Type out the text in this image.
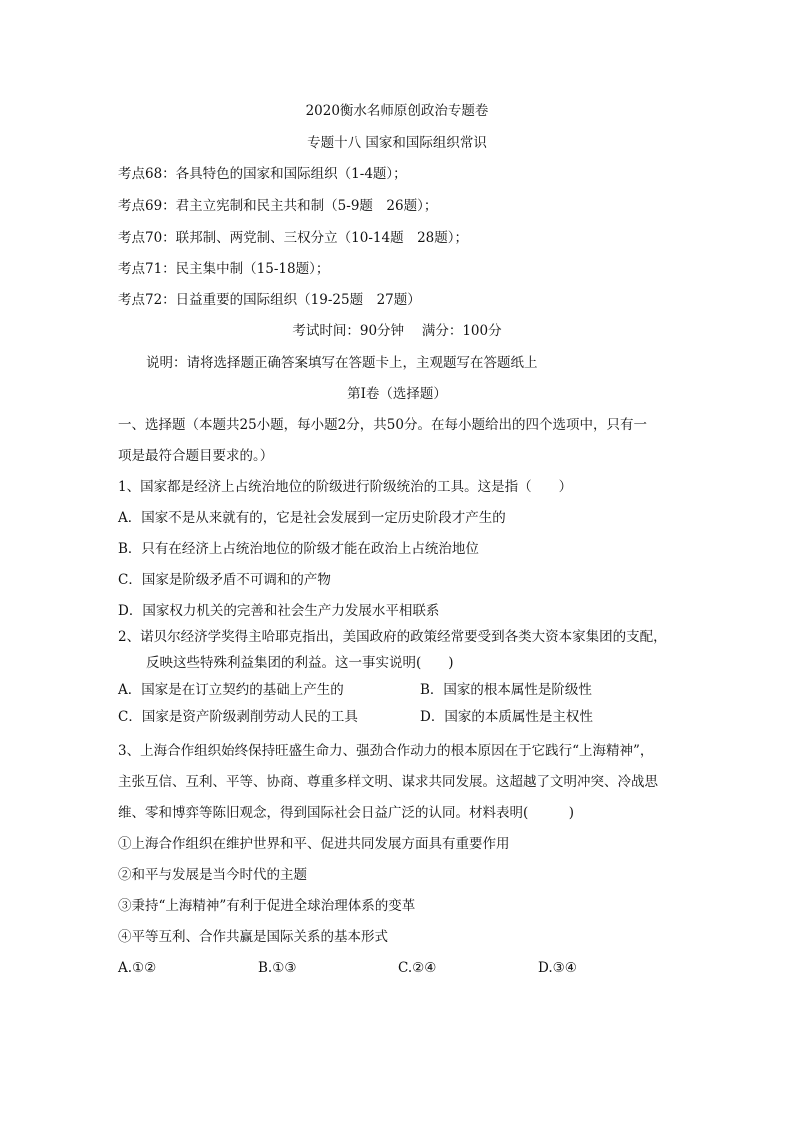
2020衡水名师原创政治专题卷
专题十八 国家和国际组织常识
考点68：各具特色的国家和国际组织（1-4题）；
考点69：君主立宪制和民主共和制（5-9题　26题）；
考点70：联邦制、两党制、三权分立（10-14题　28题）；
考点71：民主集中制（15-18题）；
考点72：日益重要的国际组织（19-25题　27题）
考试时间：90分钟　 满分：100分
说明：请将选择题正确答案填写在答题卡上，主观题写在答题纸上
第Ⅰ卷（选择题）
一、选择题（本题共25小题，每小题2分，共50分。在每小题给出的四个选项中，只有一
项是最符合题目要求的。）
1、国家都是经济上占统治地位的阶级进行阶级统治的工具。这是指（　　）
A．国家不是从来就有的，它是社会发展到一定历史阶段才产生的
B．只有在经济上占统治地位的阶级才能在政治上占统治地位
C．国家是阶级矛盾不可调和的产物
D．国家权力机关的完善和社会生产力发展水平相联系
2、诺贝尔经济学奖得主哈耶克指出，美国政府的政策经常要受到各类大资本家集团的支配，
反映这些特殊利益集团的利益。这一事实说明(　　)
A．国家是在订立契约的基础上产生的	B．国家的根本属性是阶级性
C．国家是资产阶级剥削劳动人民的工具	D．国家的本质属性是主权性
3、上海合作组织始终保持旺盛生命力、强劲合作动力的根本原因在于它践行“上海精神”，
主张互信、互利、平等、协商、尊重多样文明、谋求共同发展。这超越了文明冲突、冷战思
维、零和博弈等陈旧观念，得到国际社会日益广泛的认同。材料表明(　　　)
①上海合作组织在维护世界和平、促进共同发展方面具有重要作用
②和平与发展是当今时代的主题
③秉持“上海精神”有利于促进全球治理体系的变革
④平等互利、合作共赢是国际关系的基本形式
A.①②	B.①③	C.②④	D.③④
